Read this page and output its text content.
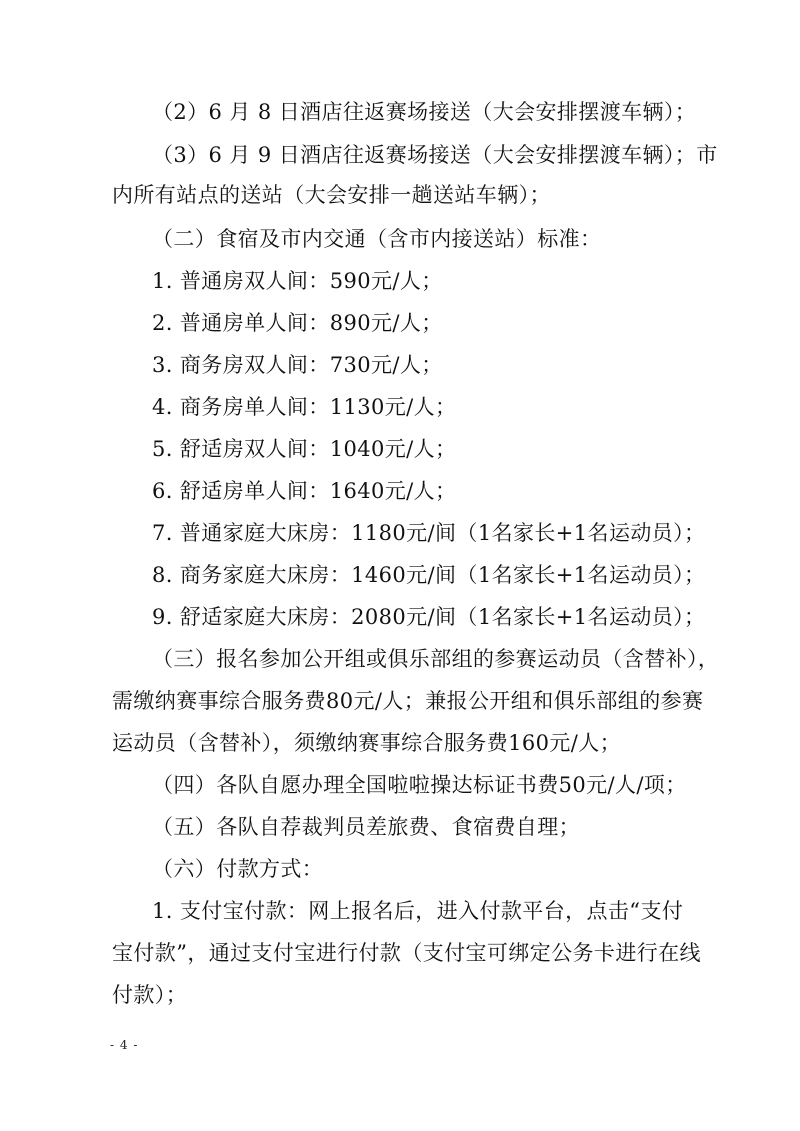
（2）6 月 8 日酒店往返赛场接送（大会安排摆渡车辆）；
（3）6 月 9 日酒店往返赛场接送（大会安排摆渡车辆）；市
内所有站点的送站（大会安排一趟送站车辆）；
（二）食宿及市内交通（含市内接送站）标准：
1. 普通房双人间：590元/人；
2. 普通房单人间：890元/人；
3. 商务房双人间：730元/人；
4. 商务房单人间：1130元/人；
5. 舒适房双人间：1040元/人；
6. 舒适房单人间：1640元/人；
7. 普通家庭大床房：1180元/间（1名家长+1名运动员）；
8. 商务家庭大床房：1460元/间（1名家长+1名运动员）；
9. 舒适家庭大床房：2080元/间（1名家长+1名运动员）；
（三）报名参加公开组或俱乐部组的参赛运动员（含替补），
需缴纳赛事综合服务费80元/人；兼报公开组和俱乐部组的参赛
运动员（含替补），须缴纳赛事综合服务费160元/人；
（四）各队自愿办理全国啦啦操达标证书费50元/人/项；
（五）各队自荐裁判员差旅费、食宿费自理；
（六）付款方式：
1. 支付宝付款：网上报名后，进入付款平台，点击“支付
宝付款”，通过支付宝进行付款（支付宝可绑定公务卡进行在线
付款）；
- 4 -
